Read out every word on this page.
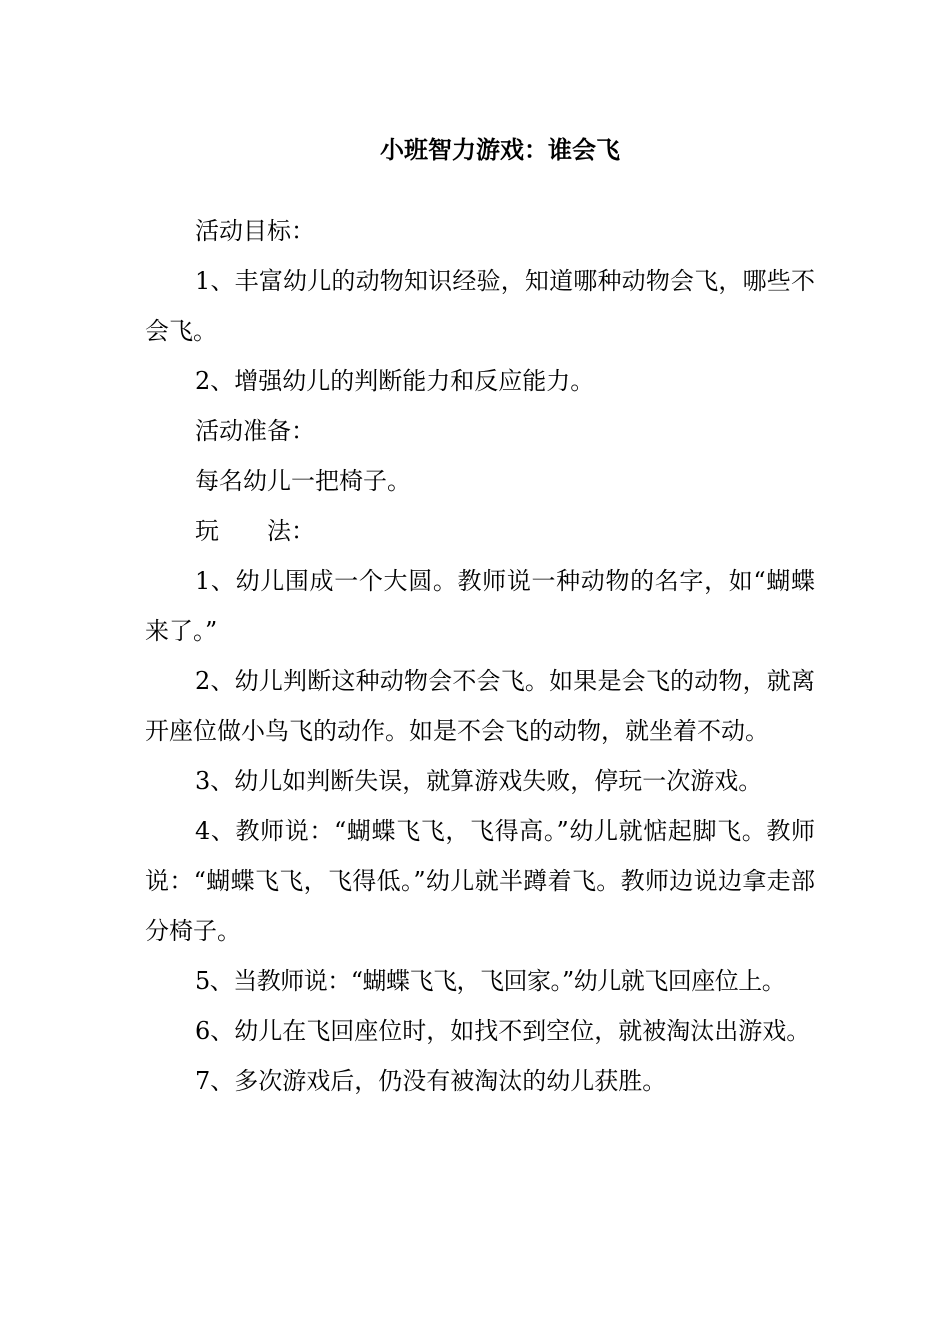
小班智力游戏：谁会飞

活动目标：

1、丰富幼儿的动物知识经验，知道哪种动物会飞，哪些不会飞。

2、增强幼儿的判断能力和反应能力。

活动准备：

每名幼儿一把椅子。

玩　　法：

1、幼儿围成一个大圆。教师说一种动物的名字，如“蝴蝶来了。”

2、幼儿判断这种动物会不会飞。如果是会飞的动物，就离开座位做小鸟飞的动作。如是不会飞的动物，就坐着不动。

3、幼儿如判断失误，就算游戏失败，停玩一次游戏。

4、教师说：“蝴蝶飞飞，飞得高。”幼儿就惦起脚飞。教师说：“蝴蝶飞飞，飞得低。”幼儿就半蹲着飞。教师边说边拿走部分椅子。

5、当教师说：“蝴蝶飞飞，飞回家。”幼儿就飞回座位上。

6、幼儿在飞回座位时，如找不到空位，就被淘汰出游戏。

7、多次游戏后，仍没有被淘汰的幼儿获胜。
